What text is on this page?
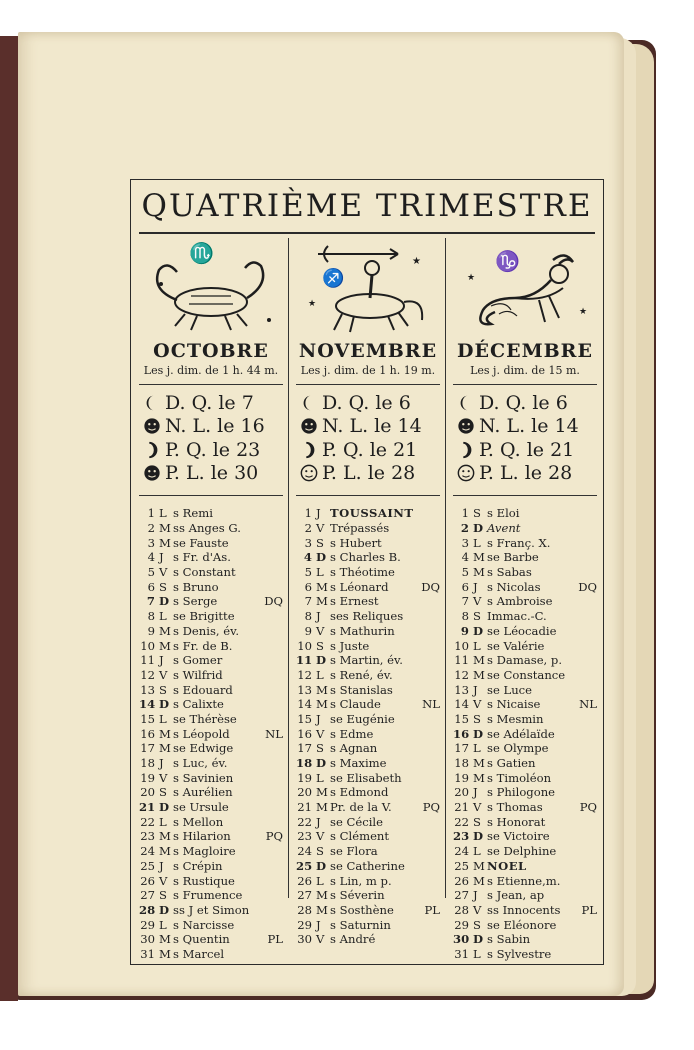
QUATRIÈME TRIMESTRE
♏
OCTOBRE
Les j. dim. de 1 h. 44 m.
D. Q. le 7
N. L. le 16
P. Q. le 23
P. L. le 30
1 L s Remi
2 M ss Anges G.
3 M se Fauste
4 J s Fr. d'As.
5 V s Constant
6 S s Bruno
7 D s Serge	DQ
8 L se Brigitte
9 M s Denis, év.
10 M s Fr. de B.
11 J s Gomer
12 V s Wilfrid
13 S s Edouard
14 D s Calixte
15 L se Thérèse
16 M s Léopold	NL
17 M se Edwige
18 J s Luc, év.
19 V s Savinien
20 S s Aurélien
21 D se Ursule
22 L s Mellon
23 M s Hilarion	PQ
24 M s Magloire
25 J s Crépin
26 V s Rustique
27 S s Frumence
28 D ss J et Simon
29 L s Narcisse
30 M s Quentin	PL
31 M s Marcel
♐
★
★
NOVEMBRE
Les j. dim. de 1 h. 19 m.
D. Q. le 6
N. L. le 14
P. Q. le 21
P. L. le 28
1 J TOUSSAINT
2 V Trépassés
3 S s Hubert
4 D s Charles B.
5 L s Théotime
6 M s Léonard	DQ
7 M s Ernest
8 J ses Reliques
9 V s Mathurin
10 S s Juste
11 D s Martin, év.
12 L s René, év.
13 M s Stanislas
14 M s Claude	NL
15 J se Eugénie
16 V s Edme
17 S s Agnan
18 D s Maxime
19 L se Elisabeth
20 M s Edmond
21 M Pr. de la V.	PQ
22 J se Cécile
23 V s Clément
24 S se Flora
25 D se Catherine
26 L s Lin, m p.
27 M s Séverin
28 M s Sosthène	PL
29 J s Saturnin
30 V s André
♑
★
★
DÉCEMBRE
Les j. dim. de 15 m.
D. Q. le 6
N. L. le 14
P. Q. le 21
P. L. le 28
1 S s Eloi
2 D Avent
3 L s Franç. X.
4 M se Barbe
5 M s Sabas
6 J s Nicolas	DQ
7 V s Ambroise
8 S Immac.-C.
9 D se Léocadie
10 L se Valérie
11 M s Damase, p.
12 M se Constance
13 J se Luce
14 V s Nicaise	NL
15 S s Mesmin
16 D se Adélaïde
17 L se Olympe
18 M s Gatien
19 M s Timoléon
20 J s Philogone
21 V s Thomas	PQ
22 S s Honorat
23 D se Victoire
24 L se Delphine
25 M NOEL
26 M s Etienne,m.
27 J s Jean, ap
28 V ss Innocents	PL
29 S se Eléonore
30 D s Sabin
31 L s Sylvestre
